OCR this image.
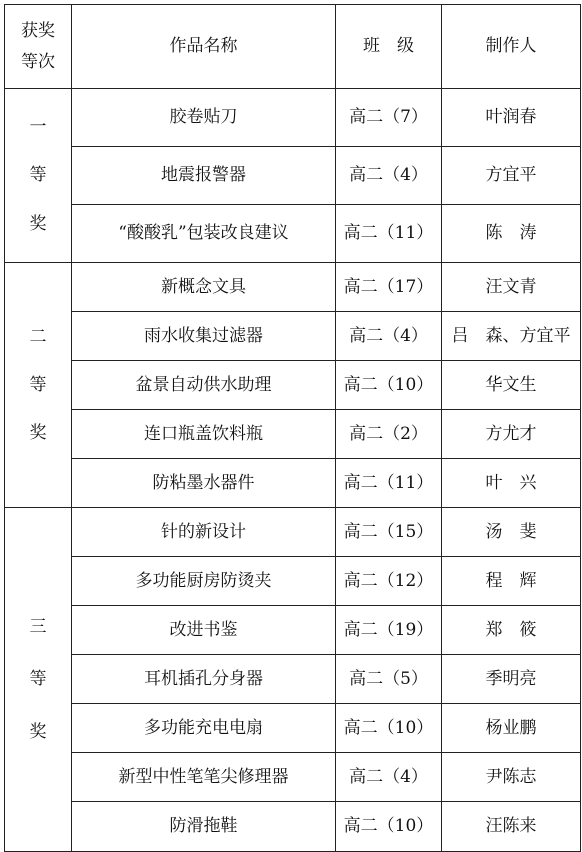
获奖
等次	作品名称	班　级	制作人

一
等
奖	胶卷贴刀	高二（7）	叶润春
	地震报警器	高二（4）	方宜平
	“酸酸乳”包装改良建议	高二（11）	陈　涛

二
等
奖	新概念文具	高二（17）	汪文青
	雨水收集过滤器	高二（4）	吕　森、方宜平
	盆景自动供水助理	高二（10）	华文生
	连口瓶盖饮料瓶	高二（2）	方尤才
	防粘墨水器件	高二（11）	叶　兴

三
等
奖	针的新设计	高二（15）	汤　斐
	多功能厨房防烫夹	高二（12）	程　辉
	改进书鉴	高二（19）	郑　筱
	耳机插孔分身器	高二（5）	季明亮
	多功能充电电扇	高二（10）	杨业鹏
	新型中性笔笔尖修理器	高二（4）	尹陈志
	防滑拖鞋	高二（10）	汪陈来
